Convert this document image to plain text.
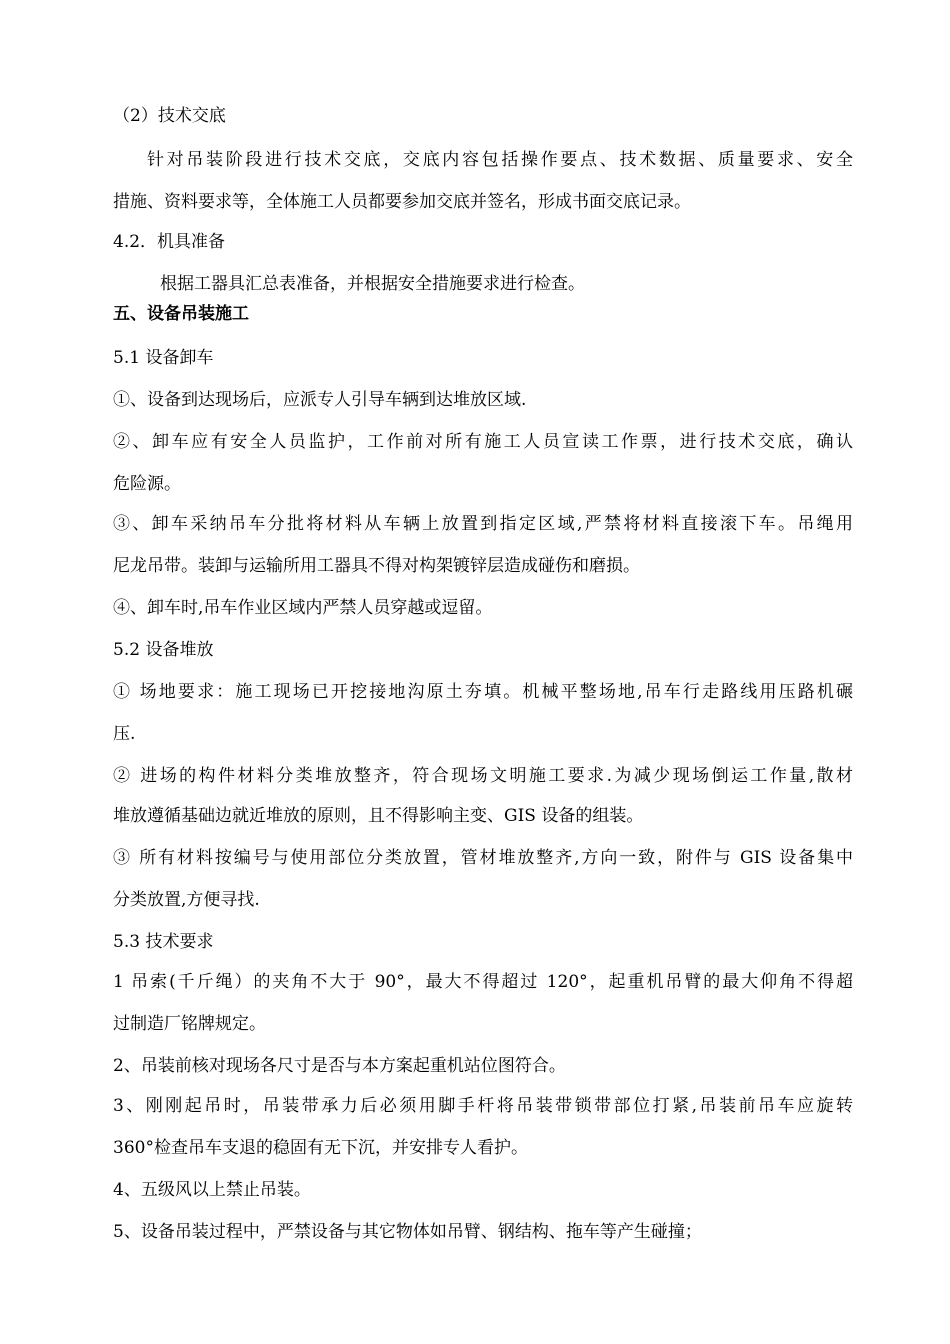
（2）技术交底
针对吊装阶段进行技术交底，交底内容包括操作要点、技术数据、质量要求、安全
措施、资料要求等，全体施工人员都要参加交底并签名，形成书面交底记录。
4.2．机具准备
根据工器具汇总表准备，并根据安全措施要求进行检查。
五、设备吊装施工
5.1 设备卸车
①、设备到达现场后，应派专人引导车辆到达堆放区域.
②、卸车应有安全人员监护，工作前对所有施工人员宣读工作票，进行技术交底，确认
危险源。
③、卸车采纳吊车分批将材料从车辆上放置到指定区域,严禁将材料直接滚下车。吊绳用
尼龙吊带。装卸与运输所用工器具不得对构架镀锌层造成碰伤和磨损。
④、卸车时,吊车作业区域内严禁人员穿越或逗留。
5.2 设备堆放
① 场地要求：施工现场已开挖接地沟原土夯填。机械平整场地,吊车行走路线用压路机碾
压.
② 进场的构件材料分类堆放整齐，符合现场文明施工要求.为减少现场倒运工作量,散材
堆放遵循基础边就近堆放的原则，且不得影响主变、GIS 设备的组装。
③ 所有材料按编号与使用部位分类放置，管材堆放整齐,方向一致，附件与 GIS 设备集中
分类放置,方便寻找.
5.3 技术要求
1 吊索(千斤绳）的夹角不大于 90°，最大不得超过 120°，起重机吊臂的最大仰角不得超
过制造厂铭牌规定。
2、吊装前核对现场各尺寸是否与本方案起重机站位图符合。
3、刚刚起吊时，吊装带承力后必须用脚手杆将吊装带锁带部位打紧,吊装前吊车应旋转
360°检查吊车支退的稳固有无下沉，并安排专人看护。
4、五级风以上禁止吊装。
5、设备吊装过程中，严禁设备与其它物体如吊臂、钢结构、拖车等产生碰撞；
